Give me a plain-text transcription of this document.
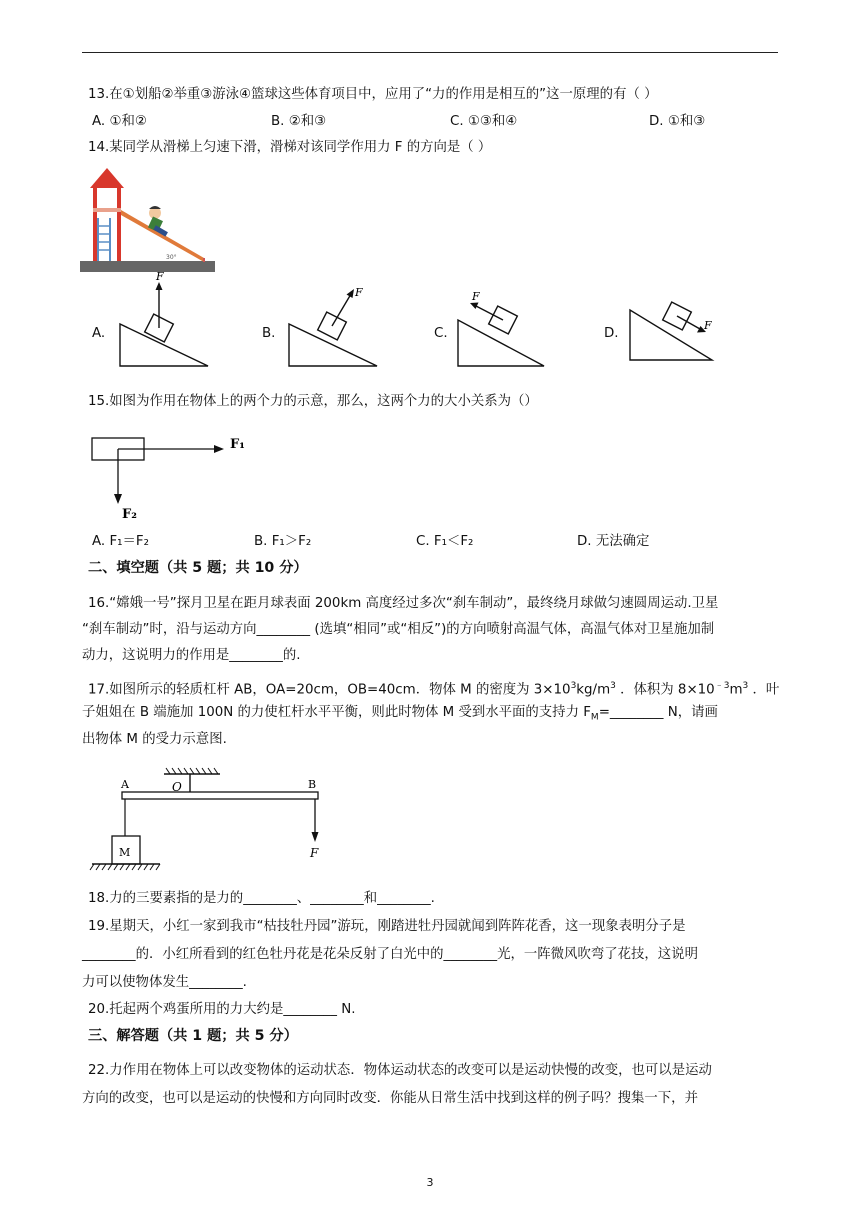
13.在①划船②举重③游泳④篮球这些体育项目中，应用了“力的作用是相互的”这一原理的有（ ）
A. ①和②	B. ②和③	C. ①③和④	D. ①和③
14.某同学从滑梯上匀速下滑，滑梯对该同学作用力 F 的方向是（ ）
30°
A.
F
B.
F
C.
F
D.
F
15.如图为作用在物体上的两个力的示意，那么，这两个力的大小关系为（）
F₁
F₂
A. F₁＝F₂	B. F₁＞F₂	C. F₁＜F₂	D. 无法确定
二、填空题（共 5 题；共 10 分）
16.“嫦娥一号”探月卫星在距月球表面 200km 高度经过多次“刹车制动”，最终绕月球做匀速圆周运动.卫星
“刹车制动”时，沿与运动方向________ (选填“相同”或“相反”)的方向喷射高温气体，高温气体对卫星施加制
动力，这说明力的作用是________的.
17.如图所示的轻质杠杆 AB，OA=20cm，OB=40cm．物体 M 的密度为 $3\times 10^3kg/m^3$ ．体积为 $8\times 10^{﹣3}m^3$ ．叶
子姐姐在 B 端施加 100N 的力使杠杆水平平衡，则此时物体 M 受到水平面的支持力 $F_M=\_\_\_\_\_\_\_\_$ N，请画
出物体 M 的受力示意图.
A	O	B
M	F
18.力的三要素指的是力的________、________和________.
19.星期天，小红一家到我市“枯技牡丹园”游玩，刚踏进牡丹园就闻到阵阵花香，这一现象表明分子是
________的．小红所看到的红色牡丹花是花朵反射了白光中的________光，一阵微风吹弯了花技，这说明
力可以使物体发生________.
20.托起两个鸡蛋所用的力大约是________ N.
三、解答题（共 1 题；共 5 分）
22.力作用在物体上可以改变物体的运动状态．物体运动状态的改变可以是运动快慢的改变，也可以是运动
方向的改变，也可以是运动的快慢和方向同时改变．你能从日常生活中找到这样的例子吗？搜集一下，并
3
